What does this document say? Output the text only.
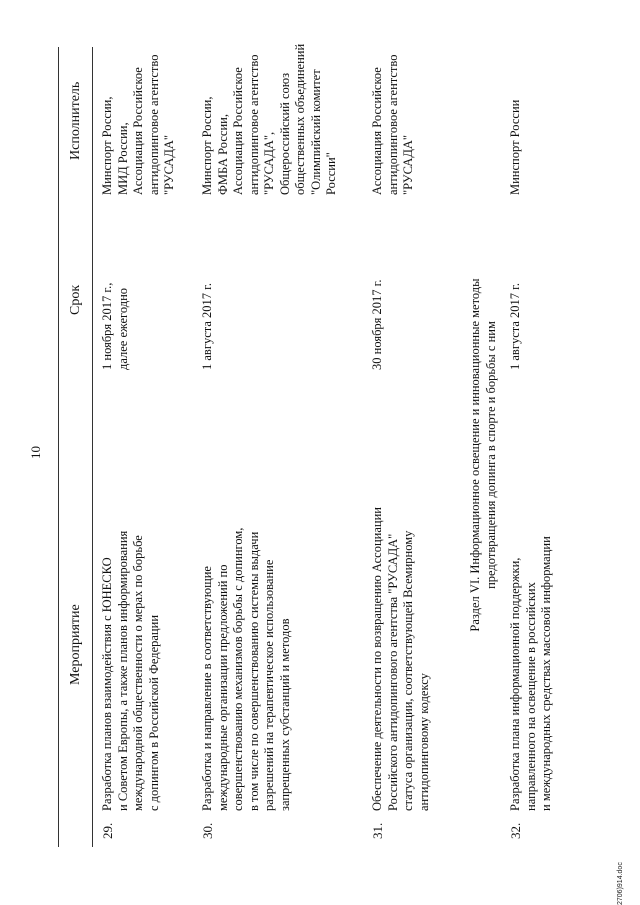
10
Мероприятие
Срок
Исполнитель
29.
Разработка планов взаимодействия с ЮНЕСКО и Советом Европы, а также планов информирования международной общественности о мерах по борьбе с допингом в Российской Федерации
1 ноября 2017 г., далее ежегодно
Минспорт России, МИД России, Ассоциация Российское антидопинговое агентство "РУСАДА"
30.
Разработка и направление в соответствующие международные организации предложений по совершенствованию механизмов борьбы с допингом, в том числе по совершенствованию системы выдачи разрешений на терапевтическое использование запрещенных субстанций и методов
1 августа 2017 г.
Минспорт России, ФМБА России, Ассоциация Российское антидопинговое агентство "РУСАДА", Общероссийский союз общественных объединений "Олимпийский комитет России"
31.
Обеспечение деятельности по возвращению Ассоциации Российского антидопингового агентства "РУСАДА" статуса организации, соответствующей Всемирному антидопинговому кодексу
30 ноября 2017 г.
Ассоциация Российское антидопинговое агентство "РУСАДА"
Раздел VI. Информационное освещение и инновационные методы предотвращения допинга в спорте и борьбы с ним
32.
Разработка плана информационной поддержки, направленного на освещение в российских и международных средствах массовой информации
1 августа 2017 г.
Минспорт России
2706)914.doc
